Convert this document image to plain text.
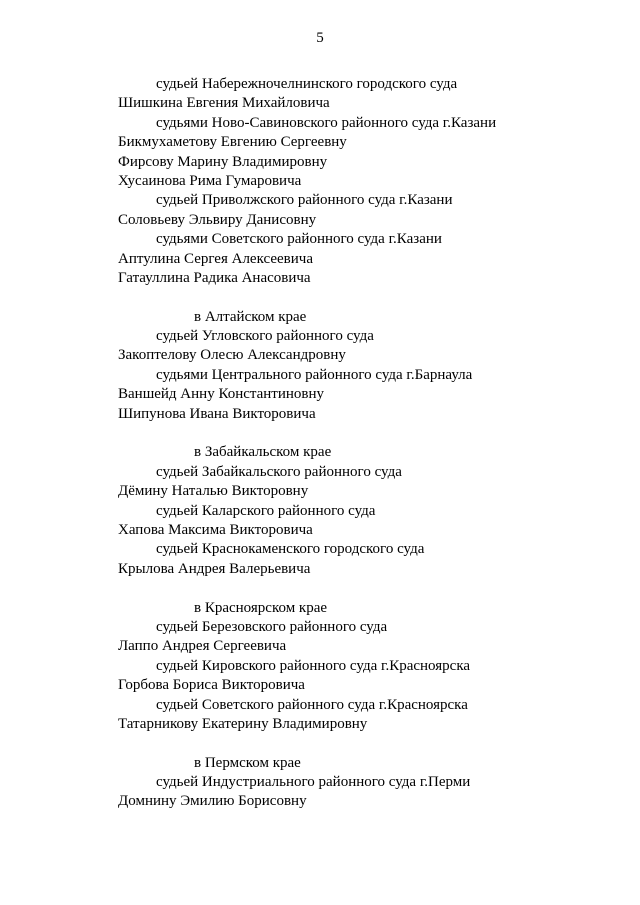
5
судьей Набережночелнинского городского суда
Шишкина Евгения Михайловича
судьями Ново-Савиновского районного суда г.Казани
Бикмухаметову Евгению Сергеевну
Фирсову Марину Владимировну
Хусаинова Рима Гумаровича
судьей Приволжского районного суда г.Казани
Соловьеву Эльвиру Данисовну
судьями Советского районного суда г.Казани
Аптулина Сергея Алексеевича
Гатауллина Радика Анасовича
в Алтайском крае
судьей Угловского районного суда
Закоптелову Олесю Александровну
судьями Центрального районного суда г.Барнаула
Ваншейд Анну Константиновну
Шипунова Ивана Викторовича
в Забайкальском крае
судьей Забайкальского районного суда
Дёмину Наталью Викторовну
судьей Каларского районного суда
Хапова Максима Викторовича
судьей Краснокаменского городского суда
Крылова Андрея Валерьевича
в Красноярском крае
судьей Березовского районного суда
Лаппо Андрея Сергеевича
судьей Кировского районного суда г.Красноярска
Горбова Бориса Викторовича
судьей Советского районного суда г.Красноярска
Татарникову Екатерину Владимировну
в Пермском крае
судьей Индустриального районного суда г.Перми
Домнину Эмилию Борисовну
